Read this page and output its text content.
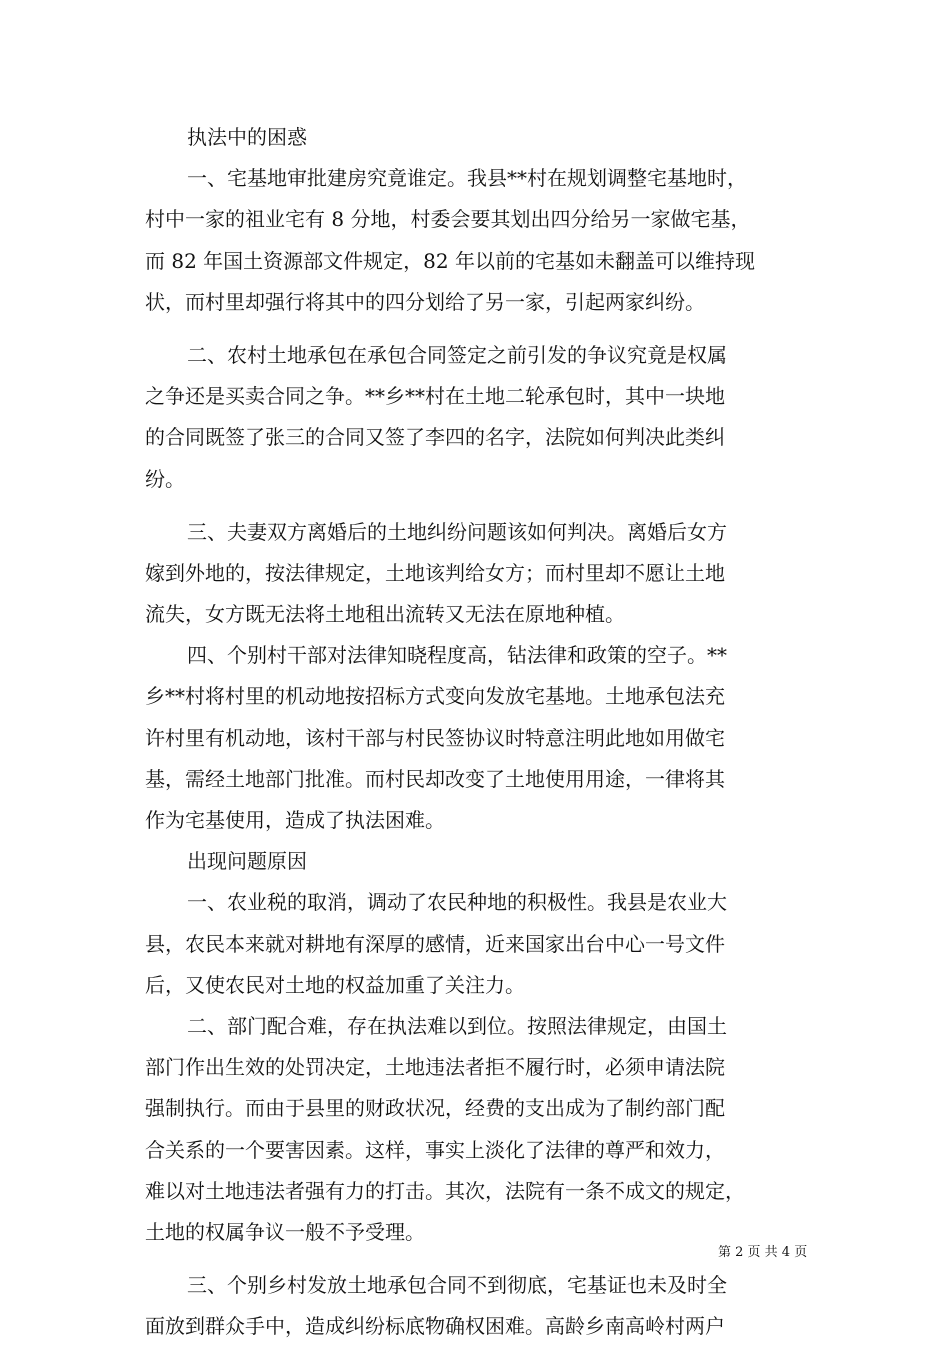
执法中的困惑
一、宅基地审批建房究竟谁定。我县**村在规划调整宅基地时，
村中一家的祖业宅有 8 分地，村委会要其划出四分给另一家做宅基，
而 82 年国土资源部文件规定，82 年以前的宅基如未翻盖可以维持现
状，而村里却强行将其中的四分划给了另一家，引起两家纠纷。
二、农村土地承包在承包合同签定之前引发的争议究竟是权属
之争还是买卖合同之争。**乡**村在土地二轮承包时，其中一块地
的合同既签了张三的合同又签了李四的名字，法院如何判决此类纠
纷。
三、夫妻双方离婚后的土地纠纷问题该如何判决。离婚后女方
嫁到外地的，按法律规定，土地该判给女方；而村里却不愿让土地
流失，女方既无法将土地租出流转又无法在原地种植。
四、个别村干部对法律知晓程度高，钻法律和政策的空子。**
乡**村将村里的机动地按招标方式变向发放宅基地。土地承包法充
许村里有机动地，该村干部与村民签协议时特意注明此地如用做宅
基，需经土地部门批准。而村民却改变了土地使用用途，一律将其
作为宅基使用，造成了执法困难。
出现问题原因
一、农业税的取消，调动了农民种地的积极性。我县是农业大
县，农民本来就对耕地有深厚的感情，近来国家出台中心一号文件
后，又使农民对土地的权益加重了关注力。
二、部门配合难，存在执法难以到位。按照法律规定，由国土
部门作出生效的处罚决定，土地违法者拒不履行时，必须申请法院
强制执行。而由于县里的财政状况，经费的支出成为了制约部门配
合关系的一个要害因素。这样，事实上淡化了法律的尊严和效力，
难以对土地违法者强有力的打击。其次，法院有一条不成文的规定，
土地的权属争议一般不予受理。
三、个别乡村发放土地承包合同不到彻底，宅基证也未及时全
面放到群众手中，造成纠纷标底物确权困难。高龄乡南高岭村两户
第 2 页 共 4 页
